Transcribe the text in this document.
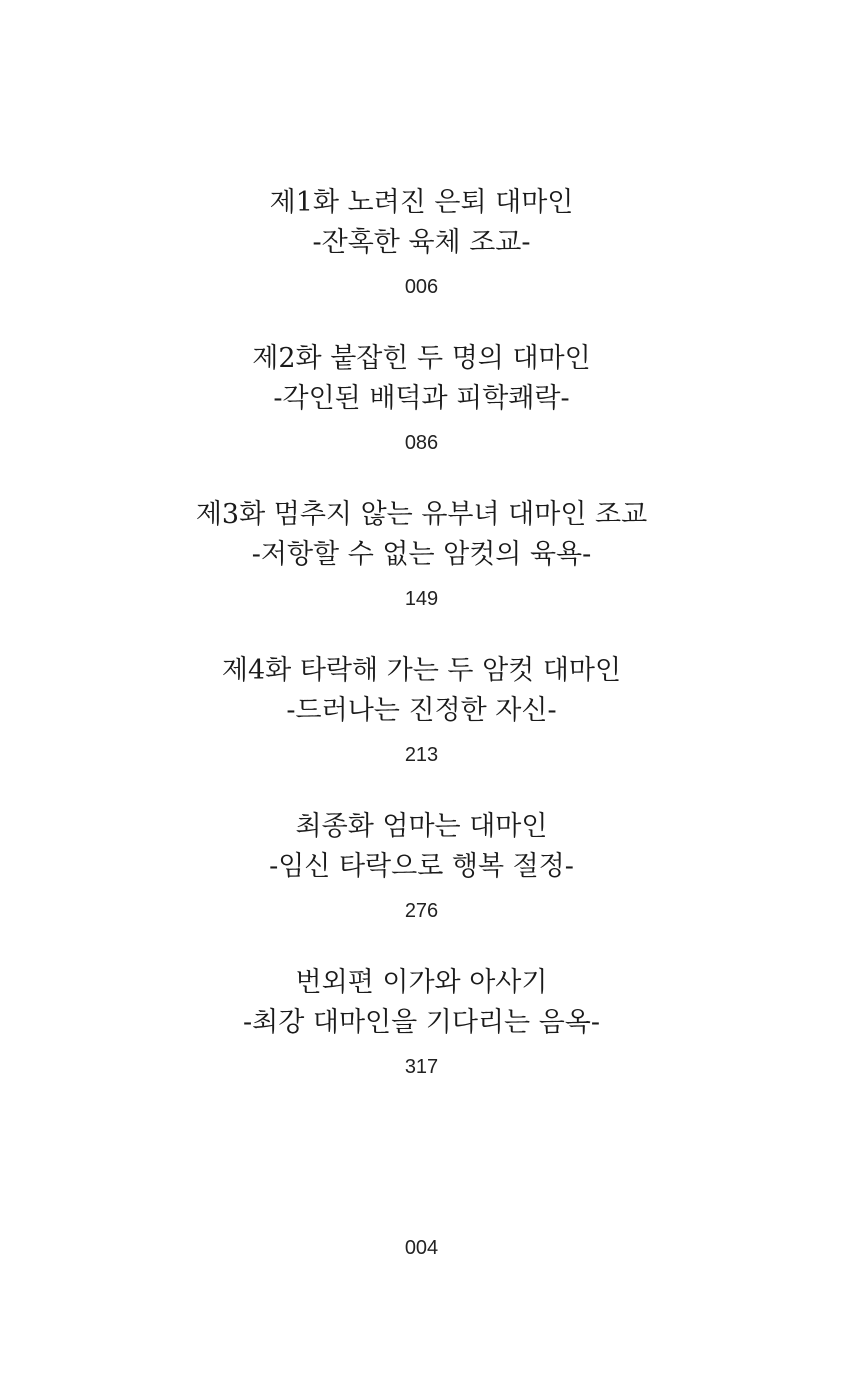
제1화 노려진 은퇴 대마인
-잔혹한 육체 조교-
006
제2화 붙잡힌 두 명의 대마인
-각인된 배덕과 피학쾌락-
086
제3화 멈추지 않는 유부녀 대마인 조교
-저항할 수 없는 암컷의 육욕-
149
제4화 타락해 가는 두 암컷 대마인
-드러나는 진정한 자신-
213
최종화 엄마는 대마인
-임신 타락으로 행복 절정-
276
번외편 이가와 아사기
-최강 대마인을 기다리는 음옥-
317
004
